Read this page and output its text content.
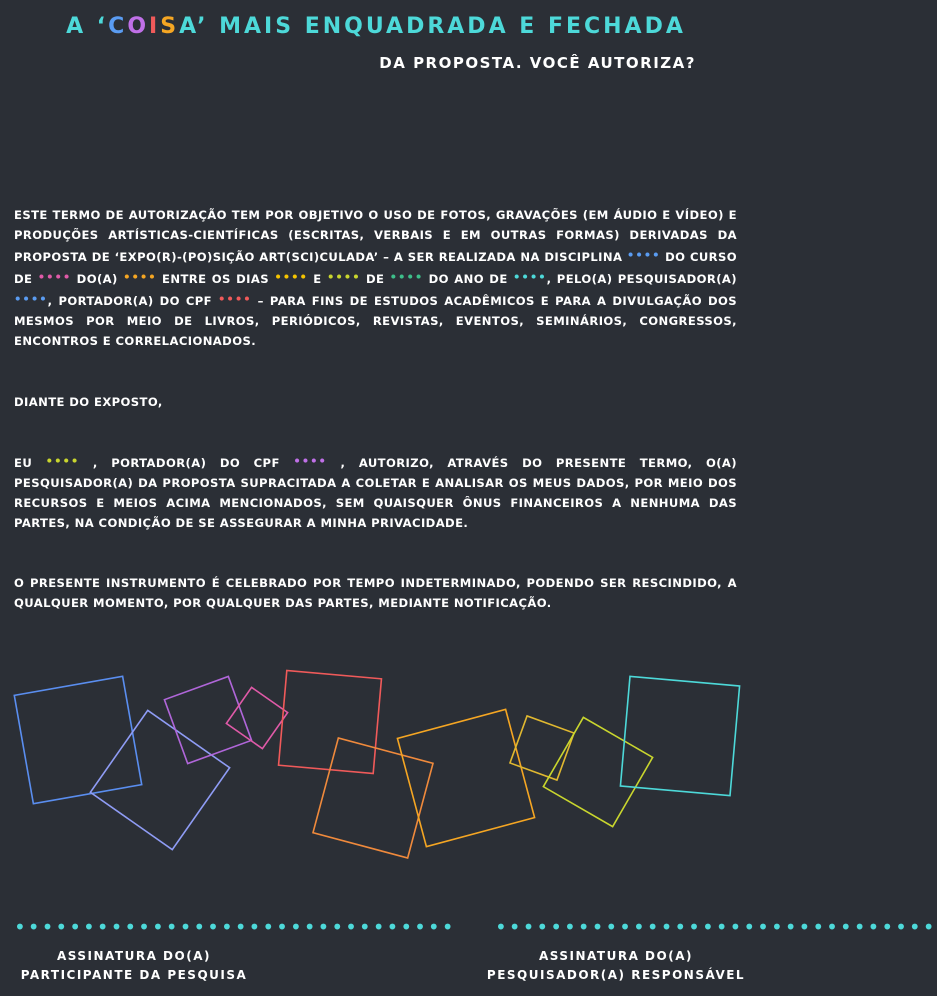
A ‘COISA’ MAIS ENQUADRADA E FECHADA
DA PROPOSTA. VOCÊ AUTORIZA?
ESTE TERMO DE AUTORIZAÇÃO TEM POR OBJETIVO O USO DE FOTOS, GRAVAÇÕES (EM ÁUDIO E VÍDEO) E PRODUÇÕES ARTÍSTICAS-CIENTÍFICAS (ESCRITAS, VERBAIS E EM OUTRAS FORMAS) DERIVADAS DA PROPOSTA DE ‘EXPO(R)-(PO)SIÇÃO ART(SCI)CULADA’ – A SER REALIZADA NA DISCIPLINA •••• DO CURSO DE •••• DO(A) •••• ENTRE OS DIAS •••• E •••• DE •••• DO ANO DE ••••, PELO(A) PESQUISADOR(A) ••••, PORTADOR(A) DO CPF •••• – PARA FINS DE ESTUDOS ACADÊMICOS E PARA A DIVULGAÇÃO DOS MESMOS POR MEIO DE LIVROS, PERIÓDICOS, REVISTAS, EVENTOS, SEMINÁRIOS, CONGRESSOS, ENCONTROS E CORRELACIONADOS.
DIANTE DO EXPOSTO,
EU •••• , PORTADOR(A) DO CPF •••• , AUTORIZO, ATRAVÉS DO PRESENTE TERMO, O(A) PESQUISADOR(A) DA PROPOSTA SUPRACITADA A COLETAR E ANALISAR OS MEUS DADOS, POR MEIO DOS RECURSOS E MEIOS ACIMA MENCIONADOS, SEM QUAISQUER ÔNUS FINANCEIROS A NENHUMA DAS PARTES, NA CONDIÇÃO DE SE ASSEGURAR A MINHA PRIVACIDADE.
O PRESENTE INSTRUMENTO É CELEBRADO POR TEMPO INDETERMINADO, PODENDO SER RESCINDIDO, A QUALQUER MOMENTO, POR QUALQUER DAS PARTES, MEDIANTE NOTIFICAÇÃO.
•••••••••••••••••••••••••••••••• ••••••••••••••••••••••••••••••••
ASSINATURA DO(A)
PARTICIPANTE DA PESQUISA
ASSINATURA DO(A)
PESQUISADOR(A) RESPONSÁVEL
